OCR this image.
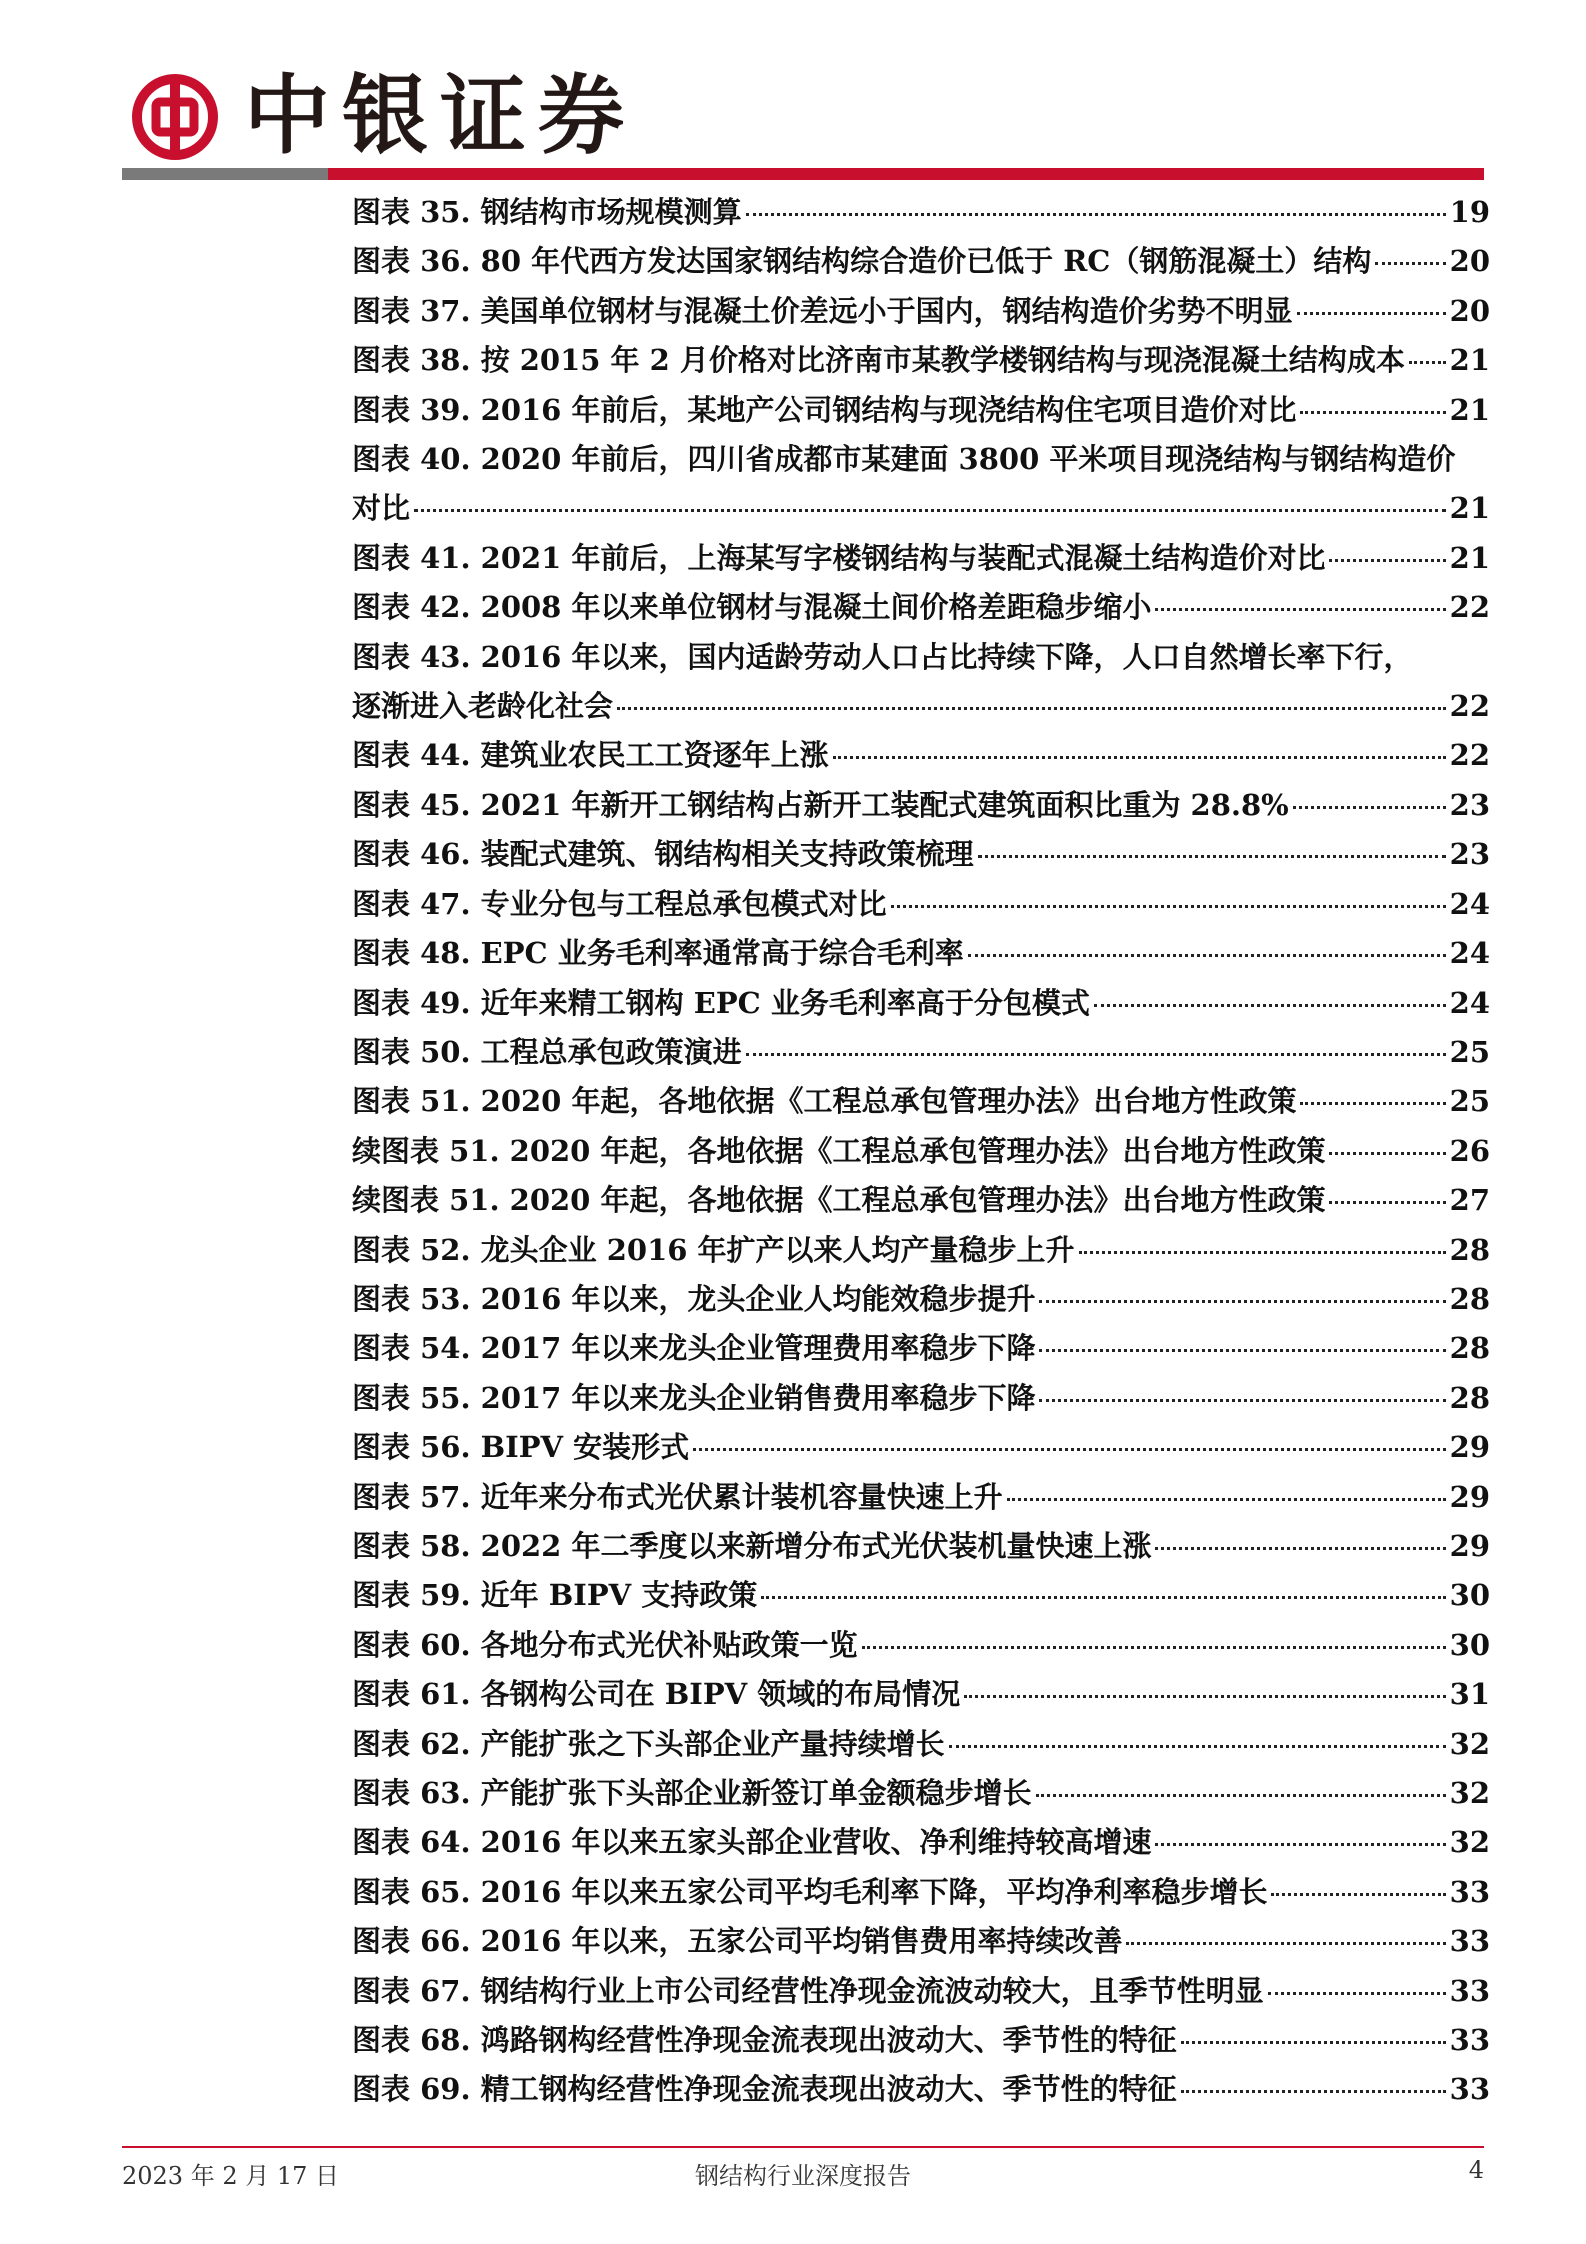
中银证券
图表 35. 钢结构市场规模测算	19
图表 36. 80 年代西方发达国家钢结构综合造价已低于 RC（钢筋混凝土）结构	20
图表 37. 美国单位钢材与混凝土价差远小于国内，钢结构造价劣势不明显	20
图表 38. 按 2015 年 2 月价格对比济南市某教学楼钢结构与现浇混凝土结构成本 21
图表 39. 2016 年前后，某地产公司钢结构与现浇结构住宅项目造价对比	21
图表 40. 2020 年前后，四川省成都市某建面 3800 平米项目现浇结构与钢结构造价
对比	21
图表 41. 2021 年前后，上海某写字楼钢结构与装配式混凝土结构造价对比	21
图表 42. 2008 年以来单位钢材与混凝土间价格差距稳步缩小	22
图表 43. 2016 年以来，国内适龄劳动人口占比持续下降，人口自然增长率下行，
逐渐进入老龄化社会	22
图表 44. 建筑业农民工工资逐年上涨	22
图表 45. 2021 年新开工钢结构占新开工装配式建筑面积比重为 28.8%	23
图表 46. 装配式建筑、钢结构相关支持政策梳理	23
图表 47. 专业分包与工程总承包模式对比	24
图表 48. EPC 业务毛利率通常高于综合毛利率	24
图表 49. 近年来精工钢构 EPC 业务毛利率高于分包模式	24
图表 50. 工程总承包政策演进	25
图表 51. 2020 年起，各地依据《工程总承包管理办法》出台地方性政策	25
续图表 51. 2020 年起，各地依据《工程总承包管理办法》出台地方性政策	26
续图表 51. 2020 年起，各地依据《工程总承包管理办法》出台地方性政策	27
图表 52. 龙头企业 2016 年扩产以来人均产量稳步上升	28
图表 53. 2016 年以来，龙头企业人均能效稳步提升	28
图表 54. 2017 年以来龙头企业管理费用率稳步下降	28
图表 55. 2017 年以来龙头企业销售费用率稳步下降	28
图表 56. BIPV 安装形式	29
图表 57. 近年来分布式光伏累计装机容量快速上升	29
图表 58. 2022 年二季度以来新增分布式光伏装机量快速上涨	29
图表 59. 近年 BIPV 支持政策	30
图表 60. 各地分布式光伏补贴政策一览	30
图表 61. 各钢构公司在 BIPV 领域的布局情况	31
图表 62. 产能扩张之下头部企业产量持续增长	32
图表 63. 产能扩张下头部企业新签订单金额稳步增长	32
图表 64. 2016 年以来五家头部企业营收、净利维持较高增速	32
图表 65. 2016 年以来五家公司平均毛利率下降，平均净利率稳步增长	33
图表 66. 2016 年以来，五家公司平均销售费用率持续改善	33
图表 67. 钢结构行业上市公司经营性净现金流波动较大，且季节性明显	33
图表 68. 鸿路钢构经营性净现金流表现出波动大、季节性的特征	33
图表 69. 精工钢构经营性净现金流表现出波动大、季节性的特征	33
2023 年 2 月 17 日	钢结构行业深度报告	4
